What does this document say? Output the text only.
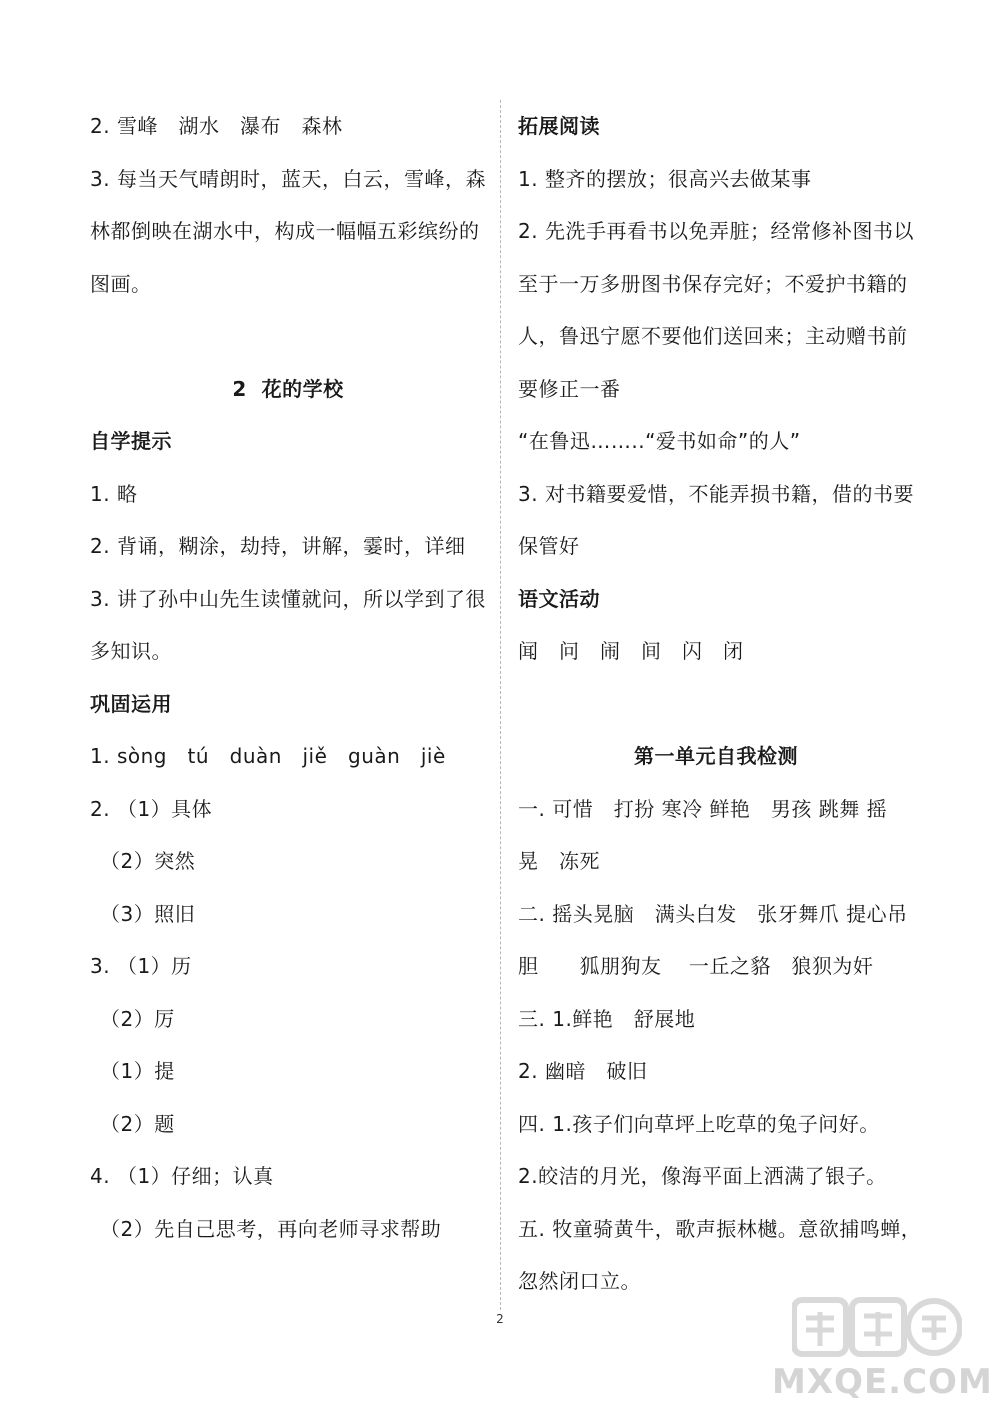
2. 雪峰　湖水　瀑布　森林
3. 每当天气晴朗时，蓝天，白云，雪峰，森
林都倒映在湖水中，构成一幅幅五彩缤纷的
图画。
2  花的学校
自学提示
1. 略
2. 背诵，糊涂，劫持，讲解，霎时，详细
3. 讲了孙中山先生读懂就问，所以学到了很
多知识。
巩固运用
1. sòng   tú   duàn   jiě   guàn   jiè
2. （1）具体
（2）突然
（3）照旧
3. （1）历
（2）厉
（1）提
（2）题
4. （1）仔细；认真
（2）先自己思考，再向老师寻求帮助
拓展阅读
1. 整齐的摆放；很高兴去做某事
2. 先洗手再看书以免弄脏；经常修补图书以
至于一万多册图书保存完好；不爱护书籍的
人，鲁迅宁愿不要他们送回来；主动赠书前
要修正一番
“在鲁迅……..“爱书如命”的人”
3. 对书籍要爱惜，不能弄损书籍，借的书要
保管好
语文活动
闻　问　闹　间　闪　闭
第一单元自我检测
一. 可惜　打扮 寒冷 鲜艳　男孩 跳舞 摇
晃　冻死
二. 摇头晃脑　满头白发　张牙舞爪 提心吊
胆　　狐朋狗友　 一丘之貉　狼狈为奸
三. 1.鲜艳　舒展地
2. 幽暗　破旧
四. 1.孩子们向草坪上吃草的兔子问好。
2.皎洁的月光，像海平面上洒满了银子。
五. 牧童骑黄牛，歌声振林樾。意欲捕鸣蝉，
忽然闭口立。
2
MXQE.COM
